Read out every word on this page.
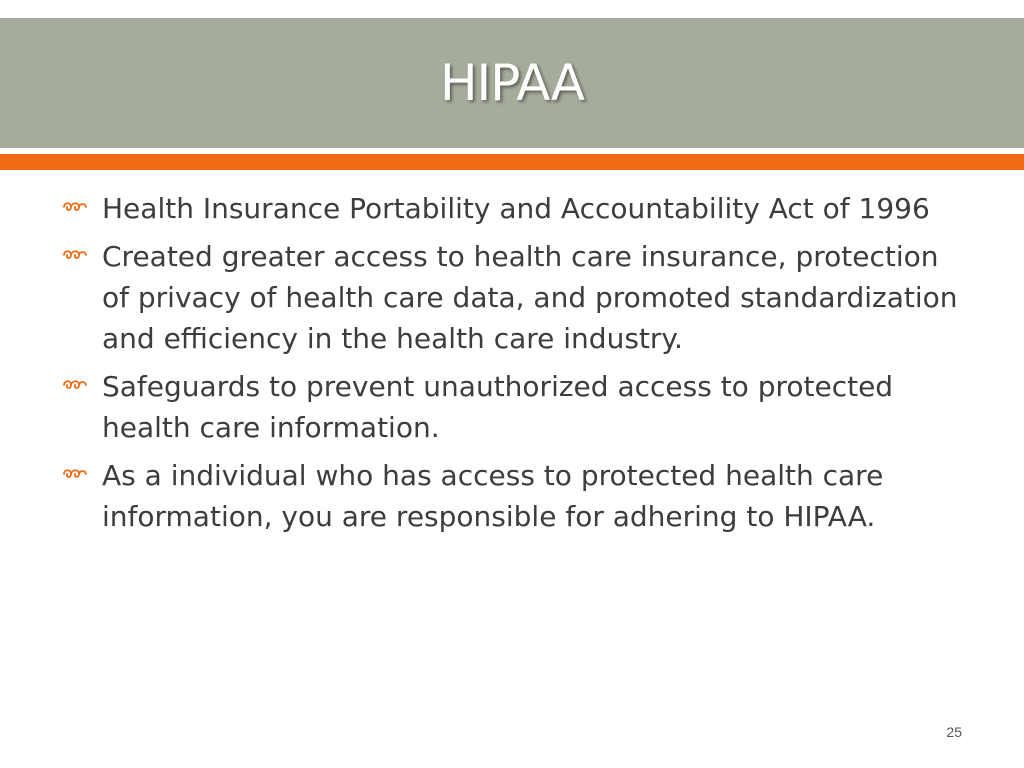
HIPAA
Health Insurance Portability and Accountability Act of 1996
Created greater access to health care insurance, protection of privacy of health care data, and promoted standardization and efficiency in the health care industry.
Safeguards to prevent unauthorized access to protected health care information.
As a individual who has access to protected health care information, you are responsible for adhering to HIPAA.
25
